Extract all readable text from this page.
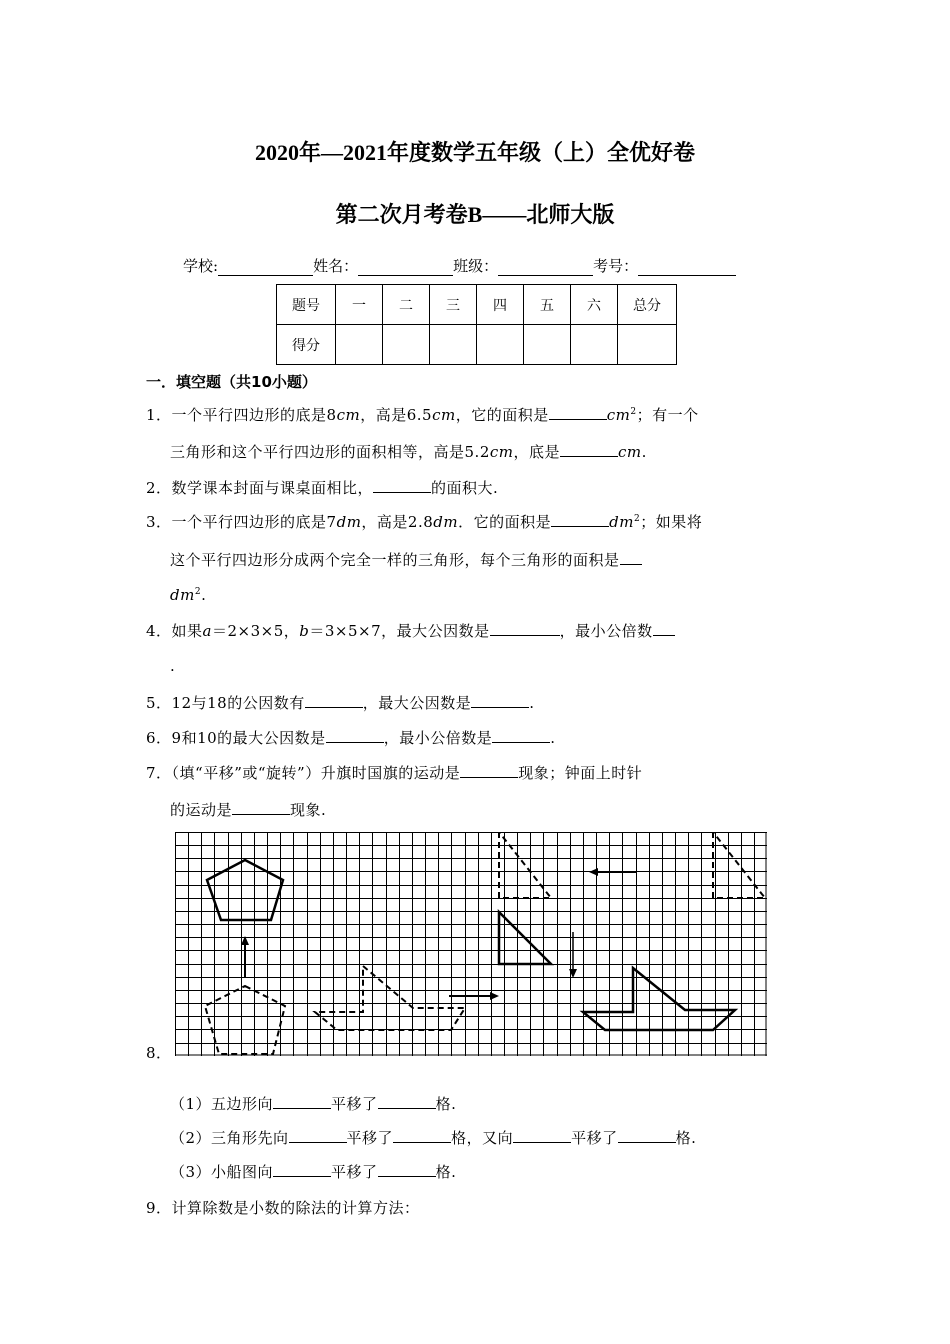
2020年—2021年度数学五年级（上）全优好卷
第二次月考卷B——北师大版
学校:	姓名：	班级：	考号：
题号	一	二	三	四	五	六	总分
得分							
一．填空题（共10小题）
1．一个平行四边形的底是8cm，高是6.5cm，它的面积是	$cm^2$；有一个
三角形和这个平行四边形的面积相等，高是5.2cm，底是	cm.
2．数学课本封面与课桌面相比，	的面积大.
3．一个平行四边形的底是7dm，高是2.8dm．它的面积是	$dm^2$；如果将
这个平行四边形分成两个完全一样的三角形，每个三角形的面积是
$dm^2$.
4．如果a＝2×3×5，b＝3×5×7，最大公因数是	，最小公倍数
.
5．12与18的公因数有	，最大公因数是	.
6．9和10的最大公因数是	，最小公倍数是	.
7．（填“平移”或“旋转”）升旗时国旗的运动是	现象；钟面上时针
的运动是	现象.
8．
（1）五边形向	平移了	格.
（2）三角形先向	平移了	格，又向	平移了	格.
（3）小船图向	平移了	格.
9．计算除数是小数的除法的计算方法：
